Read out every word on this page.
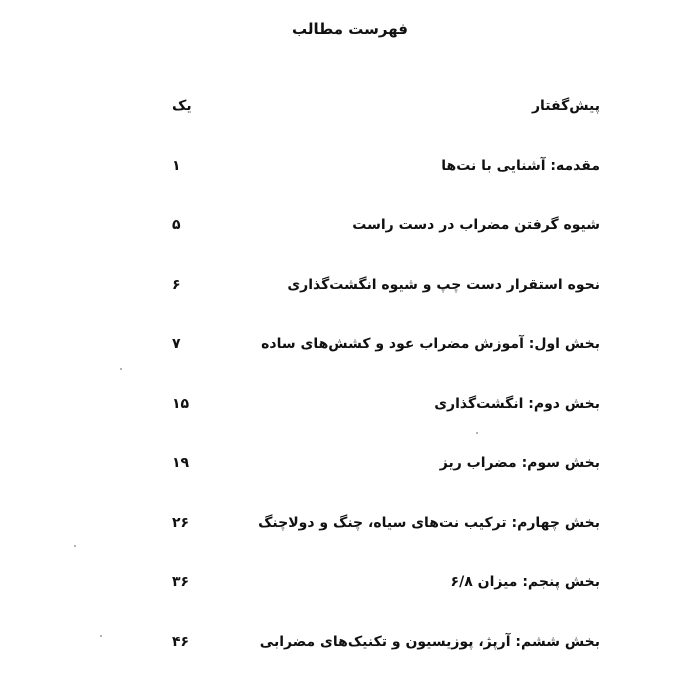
فهرست مطالب
یک	پیش‌گفتار
۱	مقدمه: آشنایی با نت‌ها
۵	شیوه گرفتن مضراب در دست راست
۶	نحوه استقرار دست چپ و شیوه انگشت‌گذاری
۷	بخش اول: آموزش مضراب عود و کشش‌های ساده
۱۵	بخش دوم: انگشت‌گذاری
۱۹	بخش سوم: مضراب ریز
۲۶	بخش چهارم: ترکیب نت‌های سیاه، چنگ و دولاچنگ
۳۶	بخش پنجم: میزان ۶/۸
۴۶	بخش ششم: آرپژ، پوزیسیون و تکنیک‌های مضرابی
